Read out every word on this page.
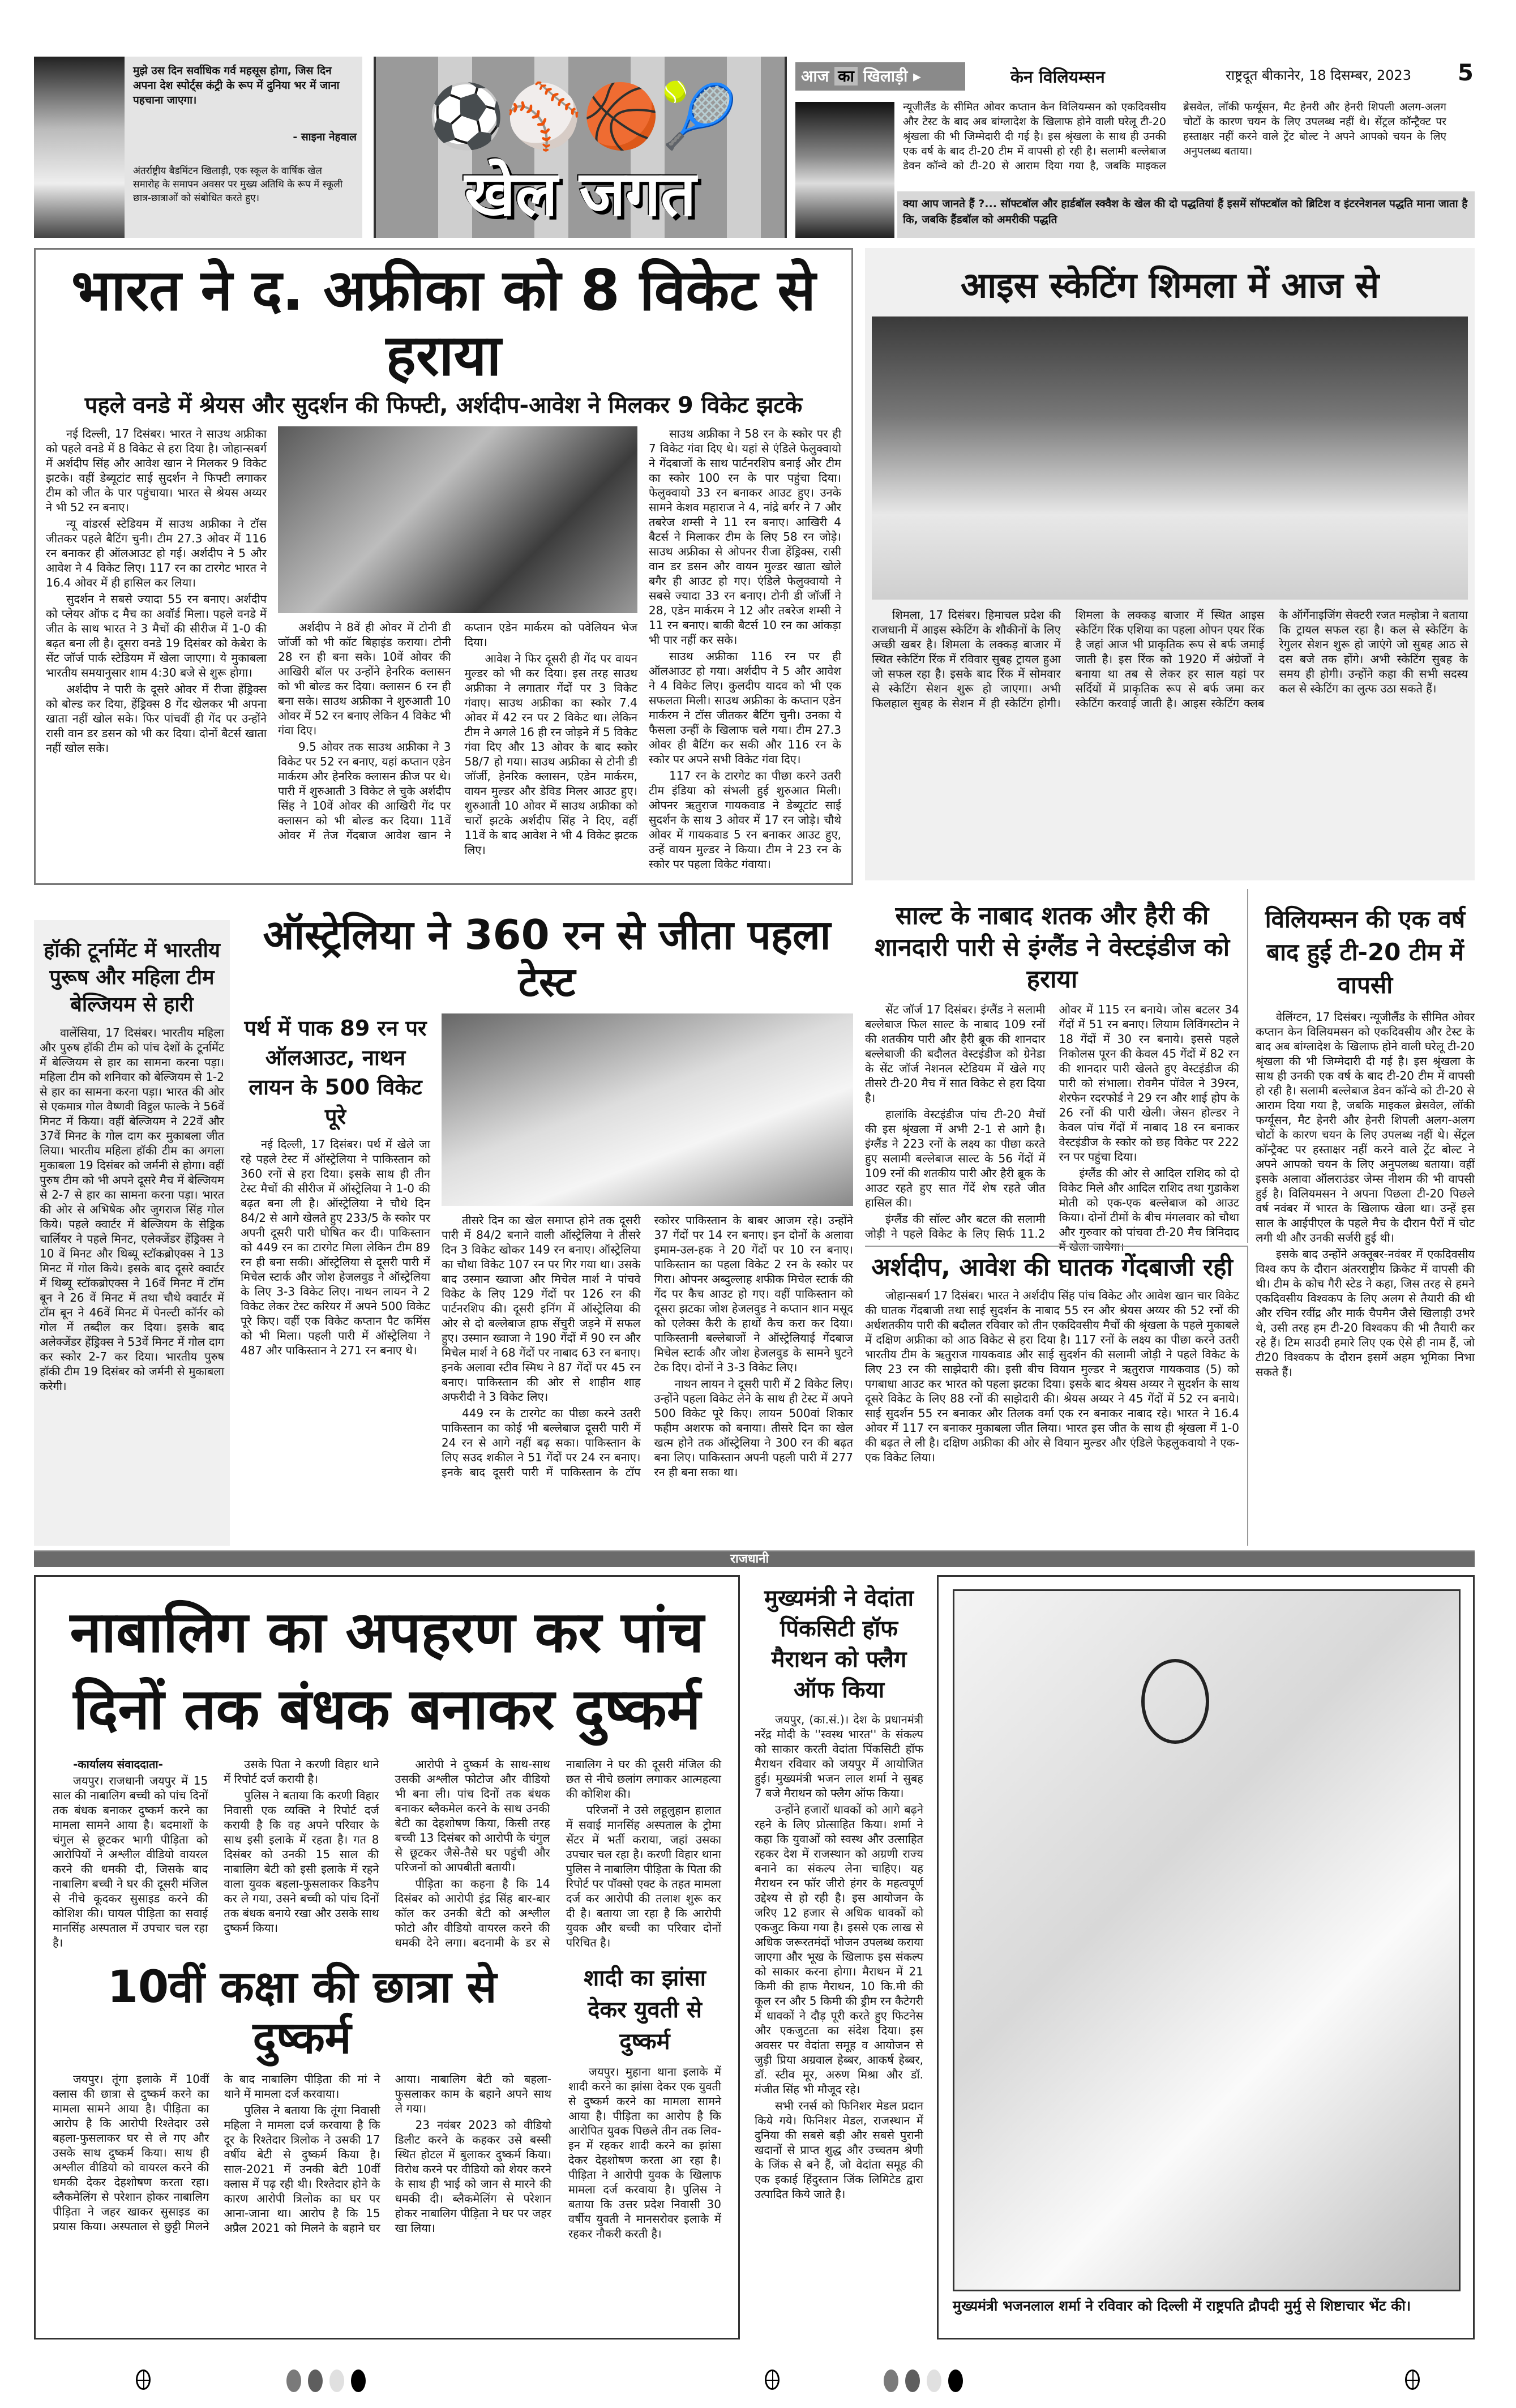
मुझे उस दिन सर्वाधिक गर्व महसूस होगा, जिस दिन अपना देश स्पोर्ट्स कंट्री के रूप में दुनिया भर में जाना पहचाना जाएगा।
- साइना नेहवाल
अंतर्राष्ट्रीय बैडमिंटन खिलाड़ी, एक स्कूल के वार्षिक खेल समारोह के समापन अवसर पर मुख्य अतिथि के रूप में स्कूली छात्र-छात्राओं को संबोधित करते हुए।
⚽⚾🏀🎾
खेल जगत
आज का खिलाड़ी ▸	केन विलियम्सन	राष्ट्रदूत बीकानेर, 18 दिसम्बर, 2023 5
न्यूजीलैंड के सीमित ओवर कप्तान केन विलियम्सन को एकदिवसीय और टेस्ट के बाद अब बांग्लादेश के खिलाफ होने वाली घरेलू टी-20 श्रृंखला की भी जिम्मेदारी दी गई है। इस श्रृंखला के साथ ही उनकी एक वर्ष के बाद टी-20 टीम में वापसी हो रही है। सलामी बल्लेबाज डेवन कॉन्वे को टी-20 से आराम दिया गया है, जबकि माइकल ब्रेसवेल, लॉकी फर्ग्यूसन, मैट हेनरी और हेनरी शिपली अलग-अलग चोटों के कारण चयन के लिए उपलब्ध नहीं थे। सेंट्रल कॉन्ट्रैक्ट पर हस्ताक्षर नहीं करने वाले ट्रेंट बोल्ट ने अपने आपको चयन के लिए अनुपलब्ध बताया।
क्या आप जानते हैं ?... सॉफ्टबॉल और हार्डबॉल स्क्वैश के खेल की दो पद्धतियां हैं इसमें सॉफ्टबॉल को ब्रिटिश व इंटरनेशनल पद्धति माना जाता है कि, जबकि हैंडबॉल को अमरीकी पद्धति
भारत ने द. अफ्रीका को 8 विकेट से हराया
पहले वनडे में श्रेयस और सुदर्शन की फिफ्टी, अर्शदीप-आवेश ने मिलकर 9 विकेट झटके

नई दिल्ली, 17 दिसंबर। भारत ने साउथ अफ्रीका को पहले वनडे में 8 विकेट से हरा दिया है। जोहान्सबर्ग में अर्शदीप सिंह और आवेश खान ने मिलकर 9 विकेट झटके। वहीं डेब्यूटांट साई सुदर्शन ने फिफ्टी लगाकर टीम को जीत के पार पहुंचाया। भारत से श्रेयस अय्यर ने भी 52 रन बनाए।

न्यू वांडरर्स स्टेडियम में साउथ अफ्रीका ने टॉस जीतकर पहले बैटिंग चुनी। टीम 27.3 ओवर में 116 रन बनाकर ही ऑलआउट हो गई। अर्शदीप ने 5 और आवेश ने 4 विकेट लिए। 117 रन का टारगेट भारत ने 16.4 ओवर में ही हासिल कर लिया।

सुदर्शन ने सबसे ज्यादा 55 रन बनाए। अर्शदीप को प्लेयर ऑफ द मैच का अवॉर्ड मिला। पहले वनडे में जीत के साथ भारत ने 3 मैचों की सीरीज में 1-0 की बढ़त बना ली है। दूसरा वनडे 19 दिसंबर को केबेरा के सेंट जॉर्ज पार्क स्टेडियम में खेला जाएगा। ये मुकाबला भारतीय समयानुसार शाम 4:30 बजे से शुरू होगा।

अर्शदीप ने पारी के दूसरे ओवर में रीजा हेंड्रिक्स को बोल्ड कर दिया, हेंड्रिक्स 8 गेंद खेलकर भी अपना खाता नहीं खोल सके। फिर पांचवीं ही गेंद पर उन्होंने रासी वान डर डसन को भी कर दिया। दोनों बैटर्स खाता नहीं खोल सके।

अर्शदीप ने 8वें ही ओवर में टोनी डी जॉर्जी को भी कॉट बिहाइंड कराया। टोनी 28 रन ही बना सके। 10वें ओवर की आखिरी बॉल पर उन्होंने हेनरिक क्लासन को भी बोल्ड कर दिया। क्लासन 6 रन ही बना सके। साउथ अफ्रीका ने शुरुआती 10 ओवर में 52 रन बनाए लेकिन 4 विकेट भी गंवा दिए।

9.5 ओवर तक साउथ अफ्रीका ने 3 विकेट पर 52 रन बनाए, यहां कप्तान एडेन मार्करम और हेनरिक क्लासन क्रीज पर थे। पारी में शुरुआती 3 विकेट ले चुके अर्शदीप सिंह ने 10वें ओवर की आखिरी गेंद पर क्लासन को भी बोल्ड कर दिया। 11वें ओवर में तेज गेंदबाज आवेश खान ने कप्तान एडेन मार्करम को पवेलियन भेज दिया।

आवेश ने फिर दूसरी ही गेंद पर वायन मुल्डर को भी कर दिया। इस तरह साउथ अफ्रीका ने लगातार गेंदों पर 3 विकेट गंवाए। साउथ अफ्रीका का स्कोर 7.4 ओवर में 42 रन पर 2 विकेट था। लेकिन टीम ने अगले 16 ही रन जोड़ने में 5 विकेट गंवा दिए और 13 ओवर के बाद स्कोर 58/7 हो गया। साउथ अफ्रीका से टोनी डी जॉर्जी, हेनरिक क्लासन, एडेन मार्करम, वायन मुल्डर और डेविड मिलर आउट हुए। शुरुआती 10 ओवर में साउथ अफ्रीका को चारों झटके अर्शदीप सिंह ने दिए, वहीं 11वें के बाद आवेश ने भी 4 विकेट झटक लिए।

साउथ अफ्रीका ने 58 रन के स्कोर पर ही 7 विकेट गंवा दिए थे। यहां से एंडिले फेलुक्वायो ने गेंदबाजों के साथ पार्टनरशिप बनाई और टीम का स्कोर 100 रन के पार पहुंचा दिया। फेलुक्वायो 33 रन बनाकर आउट हुए। उनके सामने केशव महाराज ने 4, नांद्रे बर्गर ने 7 और तबरेज शम्सी ने 11 रन बनाए। आखिरी 4 बैटर्स ने मिलाकर टीम के लिए 58 रन जोड़े। साउथ अफ्रीका से ओपनर रीजा हेंड्रिक्स, रासी वान डर डसन और वायन मुल्डर खाता खोले बगैर ही आउट हो गए। एंडिले फेलुक्वायो ने सबसे ज्यादा 33 रन बनाए। टोनी डी जॉर्जी ने 28, एडेन मार्करम ने 12 और तबरेज शम्सी ने 11 रन बनाए। बाकी बैटर्स 10 रन का आंकड़ा भी पार नहीं कर सके।

साउथ अफ्रीका 116 रन पर ही ऑलआउट हो गया। अर्शदीप ने 5 और आवेश ने 4 विकेट लिए। कुलदीप यादव को भी एक सफलता मिली। साउथ अफ्रीका के कप्तान एडेन मार्करम ने टॉस जीतकर बैटिंग चुनी। उनका ये फैसला उन्हीं के खिलाफ चले गया। टीम 27.3 ओवर ही बैटिंग कर सकी और 116 रन के स्कोर पर अपने सभी विकेट गंवा दिए।

117 रन के टारगेट का पीछा करने उतरी टीम इंडिया को संभली हुई शुरुआत मिली। ओपनर ऋतुराज गायकवाड ने डेब्यूटांट साई सुदर्शन के साथ 3 ओवर में 17 रन जोड़े। चौथे ओवर में गायकवाड 5 रन बनाकर आउट हुए, उन्हें वायन मुल्डर ने किया। टीम ने 23 रन के स्कोर पर पहला विकेट गंवाया।

आइस स्केटिंग शिमला में आज से

शिमला, 17 दिसंबर। हिमाचल प्रदेश की राजधानी में आइस स्केटिंग के शौकीनों के लिए अच्छी खबर है। शिमला के लक्कड़ बाजार में स्थित स्केटिंग रिंक में रविवार सुबह ट्रायल हुआ जो सफल रहा है। इसके बाद रिंक में सोमवार से स्केटिंग सेशन शुरू हो जाएगा। अभी फिलहाल सुबह के सेशन में ही स्केटिंग होगी। शिमला के लक्कड़ बाजार में स्थित आइस स्केटिंग रिंक एशिया का पहला ओपन एयर रिंक है जहां आज भी प्राकृतिक रूप से बर्फ जमाई जाती है। इस रिंक को 1920 में अंग्रेजों ने बनाया था तब से लेकर हर साल यहां पर सर्दियों में प्राकृतिक रूप से बर्फ जमा कर स्केटिंग करवाई जाती है। आइस स्केटिंग क्लब के ऑर्गेनाइजिंग सेक्टरी रजत मल्होत्रा ने बताया कि ट्रायल सफल रहा है। कल से स्केटिंग के रेगुलर सेशन शुरू हो जाएंगे जो सुबह आठ से दस बजे तक होंगे। अभी स्केटिंग सुबह के समय ही होगी। उन्होंने कहा की सभी सदस्य कल से स्केटिंग का लुत्फ उठा सकते हैं।

हॉकी टूर्नामेंट में भारतीय पुरूष और महिला टीम बेल्जियम से हारी

वालेंसिया, 17 दिसंबर। भारतीय महिला और पुरुष हॉकी टीम को पांच देशों के टूर्नामेंट में बेल्जियम से हार का सामना करना पड़ा। महिला टीम को शनिवार को बेल्जियम से 1-2 से हार का सामना करना पड़ा। भारत की ओर से एकमात्र गोल वैष्णवी विट्ठल फाल्के ने 56वें मिनट में किया। वहीं बेल्जियम ने 22वें और 37वें मिनट के गोल दाग कर मुकाबला जीत लिया। भारतीय महिला हॉकी टीम का अगला मुकाबला 19 दिसंबर को जर्मनी से होगा। वहीं पुरुष टीम को भी अपने दूसरे मैच में बेल्जियम से 2-7 से हार का सामना करना पड़ा। भारत की ओर से अभिषेक और जुगराज सिंह गोल किये। पहले क्वार्टर में बेल्जियम के सेड्रिक चार्लियर ने पहले मिनट, एलेक्जेंडर हेंड्रिक्स ने 10 वें मिनट और थिब्यू स्टॉकब्रोएक्स ने 13 मिनट में गोल किये। इसके बाद दूसरे क्वार्टर में थिब्यू स्टॉकब्रोएक्स ने 16वें मिनट में टॉम बून ने 26 वें मिनट में तथा चौथे क्वार्टर में टॉम बून ने 46वें मिनट में पेनल्टी कॉर्नर को गोल में तब्दील कर दिया। इसके बाद अलेक्जेंडर हेंड्रिक्स ने 53वें मिनट में गोल दाग कर स्कोर 2-7 कर दिया। भारतीय पुरुष हॉकी टीम 19 दिसंबर को जर्मनी से मुकाबला करेगी।

ऑस्ट्रेलिया ने 360 रन से जीता पहला टेस्ट
पर्थ में पाक 89 रन पर ऑलआउट, नाथन लायन के 500 विकेट पूरे

नई दिल्ली, 17 दिसंबर। पर्थ में खेले जा रहे पहले टेस्ट में ऑस्ट्रेलिया ने पाकिस्तान को 360 रनों से हरा दिया। इसके साथ ही तीन टेस्ट मैचों की सीरीज में ऑस्ट्रेलिया ने 1-0 की बढ़त बना ली है। ऑस्ट्रेलिया ने चौथे दिन 84/2 से आगे खेलते हुए 233/5 के स्कोर पर अपनी दूसरी पारी घोषित कर दी। पाकिस्तान को 449 रन का टारगेट मिला लेकिन टीम 89 रन ही बना सकी। ऑस्ट्रेलिया से दूसरी पारी में मिचेल स्टार्क और जोश हेजलवुड ने ऑस्ट्रेलिया के लिए 3-3 विकेट लिए। नाथन लायन ने 2 विकेट लेकर टेस्ट करियर में अपने 500 विकेट पूरे किए। वहीं एक विकेट कप्तान पैट कमिंस को भी मिला। पहली पारी में ऑस्ट्रेलिया ने 487 और पाकिस्तान ने 271 रन बनाए थे।

तीसरे दिन का खेल समाप्त होने तक दूसरी पारी में 84/2 बनाने वाली ऑस्ट्रेलिया ने तीसरे दिन 3 विकेट खोकर 149 रन बनाए। ऑस्ट्रेलिया का चौथा विकेट 107 रन पर गिर गया था। उसके बाद उस्मान ख्वाजा और मिचेल मार्श ने पांचवे विकेट के लिए 129 गेंदों पर 126 रन की पार्टनरशिप की। दूसरी इनिंग में ऑस्ट्रेलिया की ओर से दो बल्लेबाज हाफ सेंचुरी जड़ने में सफल हुए। उस्मान ख्वाजा ने 190 गेंदों में 90 रन और मिचेल मार्श ने 68 गेंदों पर नाबाद 63 रन बनाए। इनके अलावा स्टीव स्मिथ ने 87 गेंदों पर 45 रन बनाए। पाकिस्तान की ओर से शाहीन शाह अफरीदी ने 3 विकेट लिए।

449 रन के टारगेट का पीछा करने उतरी पाकिस्तान का कोई भी बल्लेबाज दूसरी पारी में 24 रन से आगे नहीं बढ़ सका। पाकिस्तान के लिए सउद शकील ने 51 गेंदों पर 24 रन बनाए। इनके बाद दूसरी पारी में पाकिस्तान के टॉप स्कोरर पाकिस्तान के बाबर आजम रहे। उन्होंने 37 गेंदों पर 14 रन बनाए। इन दोनों के अलावा इमाम-उल-हक ने 20 गेंदों पर 10 रन बनाए। पाकिस्तान का पहला विकेट 2 रन के स्कोर पर गिरा। ओपनर अब्दुल्लाह शफीक मिचेल स्टार्क की गेंद पर कैच आउट हो गए। वहीं पाकिस्तान को दूसरा झटका जोश हेजलवुड ने कप्तान शान मसूद को एलेक्स कैरी के हाथों कैच करा कर दिया। पाकिस्तानी बल्लेबाजों ने ऑस्ट्रेलियाई गेंदबाज मिचेल स्टार्क और जोश हेजलवुड के सामने घुटने टेक दिए। दोनों ने 3-3 विकेट लिए।

नाथन लायन ने दूसरी पारी में 2 विकेट लिए। उन्होंने पहला विकेट लेने के साथ ही टेस्ट में अपने 500 विकेट पूरे किए। लायन 500वां शिकार फहीम अशरफ को बनाया। तीसरे दिन का खेल खत्म होने तक ऑस्ट्रेलिया ने 300 रन की बढ़त बना लिए। पाकिस्तान अपनी पहली पारी में 277 रन ही बना सका था।

साल्ट के नाबाद शतक और हैरी की शानदारी पारी से इंग्लैंड ने वेस्टइंडीज को हराया

सेंट जॉर्ज 17 दिसंबर। इंग्लैंड ने सलामी बल्लेबाज फिल साल्ट के नाबाद 109 रनों की शतकीय पारी और हैरी ब्रूक की शानदार बल्लेबाजी की बदौलत वेस्टइंडीज को ग्रेनेडा के सेंट जॉर्ज नेशनल स्टेडियम में खेले गए तीसरे टी-20 मैच में सात विकेट से हरा दिया है।

हालांकि वेस्टइंडीज पांच टी-20 मैचों की इस श्रृंखला में अभी 2-1 से आगे है। इंग्लैंड ने 223 रनों के लक्ष्य का पीछा करते हुए सलामी बल्लेबाज साल्ट के 56 गेंदों में 109 रनों की शतकीय पारी और हैरी ब्रूक के आउट रहते हुए सात गेंदें शेष रहते जीत हासिल की।

इंग्लैंड की सॉल्ट और बटल की सलामी जोड़ी ने पहले विकेट के लिए सिर्फ 11.2 ओवर में 115 रन बनाये। जोस बटलर 34 गेंदों में 51 रन बनाए। लियाम लिविंगस्टोन ने 18 गेंदों में 30 रन बनाये। इससे पहले निकोलस पूरन की केवल 45 गेंदों में 82 रन की शानदार पारी खेलते हुए वेस्टइंडीज की पारी को संभाला। रोवमैन पॉवेल ने 39रन, शेरफेन रदरफोर्ड ने 29 रन और शाई होप के 26 रनों की पारी खेली। जेसन होल्डर ने केवल पांच गेंदों में नाबाद 18 रन बनाकर वेस्टइंडीज के स्कोर को छह विकेट पर 222 रन पर पहुंचा दिया।

इंग्लैंड की ओर से आदिल राशिद को दो विकेट मिले और आदिल राशिद तथा गुडाकेश मोती को एक-एक बल्लेबाज को आउट किया। दोनों टीमों के बीच मंगलवार को चौथा और गुरुवार को पांचवा टी-20 मैच त्रिनिदाद में खेला जायेगा।

अर्शदीप, आवेश की घातक गेंदबाजी रही

जोहान्सबर्ग 17 दिसंबर। भारत ने अर्शदीप सिंह पांच विकेट और आवेश खान चार विकेट की घातक गेंदबाजी तथा साई सुदर्शन के नाबाद 55 रन और श्रेयस अय्यर की 52 रनों की अर्धशतकीय पारी की बदौलत रविवार को तीन एकदिवसीय मैचों की श्रृंखला के पहले मुकाबले में दक्षिण अफ्रीका को आठ विकेट से हरा दिया है। 117 रनों के लक्ष्य का पीछा करने उतरी भारतीय टीम के ऋतुराज गायकवाड और साई सुदर्शन की सलामी जोड़ी ने पहले विकेट के लिए 23 रन की साझेदारी की। इसी बीच वियान मुल्डर ने ऋतुराज गायकवाड (5) को पगबाधा आउट कर भारत को पहला झटका दिया। इसके बाद श्रेयस अय्यर ने सुदर्शन के साथ दूसरे विकेट के लिए 88 रनों की साझेदारी की। श्रेयस अय्यर ने 45 गेंदों में 52 रन बनाये। साई सुदर्शन 55 रन बनाकर और तिलक वर्मा एक रन बनाकर नाबाद रहे। भारत ने 16.4 ओवर में 117 रन बनाकर मुकाबला जीत लिया। भारत इस जीत के साथ ही श्रृंखला में 1-0 की बढ़त ले ली है। दक्षिण अफ्रीका की ओर से वियान मुल्डर और एंडिले फेहलुकवायो ने एक-एक विकेट लिया।

विलियम्सन की एक वर्ष बाद हुई टी-20 टीम में वापसी

वेलिंग्टन, 17 दिसंबर। न्यूजीलैंड के सीमित ओवर कप्तान केन विलियमसन को एकदिवसीय और टेस्ट के बाद अब बांग्लादेश के खिलाफ होने वाली घरेलू टी-20 श्रृंखला की भी जिम्मेदारी दी गई है। इस श्रृंखला के साथ ही उनकी एक वर्ष के बाद टी-20 टीम में वापसी हो रही है। सलामी बल्लेबाज डेवन कॉन्वे को टी-20 से आराम दिया गया है, जबकि माइकल ब्रेसवेल, लॉकी फर्ग्यूसन, मैट हेनरी और हेनरी शिपली अलग-अलग चोटों के कारण चयन के लिए उपलब्ध नहीं थे। सेंट्रल कॉन्ट्रैक्ट पर हस्ताक्षर नहीं करने वाले ट्रेंट बोल्ट ने अपने आपको चयन के लिए अनुपलब्ध बताया। वहीं इसके अलावा ऑलराउंडर जेम्स नीशम की भी वापसी हुई है। विलियमसन ने अपना पिछला टी-20 पिछले वर्ष नवंबर में भारत के खिलाफ खेला था। उन्हें इस साल के आईपीएल के पहले मैच के दौरान पैरों में चोट लगी थी और उनकी सर्जरी हुई थी।

इसके बाद उन्होंने अक्तूबर-नवंबर में एकदिवसीय विश्व कप के दौरान अंतरराष्ट्रीय क्रिकेट में वापसी की थी। टीम के कोच गैरी स्टेड ने कहा, जिस तरह से हमने एकदिवसीय विश्वकप के लिए अलग से तैयारी की थी और रचिन रवींद्र और मार्क चैपमैन जैसे खिलाड़ी उभरे थे, उसी तरह हम टी-20 विश्वकप की भी तैयारी कर रहे हैं। टिम साउदी हमारे लिए एक ऐसे ही नाम हैं, जो टी20 विश्वकप के दौरान इसमें अहम भूमिका निभा सकते हैं।

राजधानी
नाबालिग का अपहरण कर पांच दिनों तक बंधक बनाकर दुष्कर्म

-कार्यालय संवाददाता-

जयपुर। राजधानी जयपुर में 15 साल की नाबालिग बच्ची को पांच दिनों तक बंधक बनाकर दुष्कर्म करने का मामला सामने आया है। बदमाशों के चंगुल से छूटकर भागी पीड़िता को आरोपियों ने अश्लील वीडियो वायरल करने की धमकी दी, जिसके बाद नाबालिग बच्ची ने घर की दूसरी मंजिल से नीचे कूदकर सुसाइड करने की कोशिश की। घायल पीड़िता का सवाई मानसिंह अस्पताल में उपचार चल रहा है।

उसके पिता ने करणी विहार थाने में रिपोर्ट दर्ज करायी है।

पुलिस ने बताया कि करणी विहार निवासी एक व्यक्ति ने रिपोर्ट दर्ज करायी है कि वह अपने परिवार के साथ इसी इलाके में रहता है। गत 8 दिसंबर को उनकी 15 साल की नाबालिग बेटी को इसी इलाके में रहने वाला युवक बहला-फुसलाकर किडनैप कर ले गया, उसने बच्ची को पांच दिनों तक बंधक बनाये रखा और उसके साथ दुष्कर्म किया।

आरोपी ने दुष्कर्म के साथ-साथ उसकी अश्लील फोटोज और वीडियो भी बना ली। पांच दिनों तक बंधक बनाकर ब्लैकमेल करने के साथ उनकी बेटी का देहशोषण किया, किसी तरह बच्ची 13 दिसंबर को आरोपी के चंगुल से छूटकर जैसे-तैसे घर पहुंची और परिजनों को आपबीती बतायी।

पीड़िता का कहना है कि 14 दिसंबर को आरोपी इंद्र सिंह बार-बार कॉल कर उनकी बेटी को अश्लील फोटो और वीडियो वायरल करने की धमकी देने लगा। बदनामी के डर से नाबालिग ने घर की दूसरी मंजिल की छत से नीचे छलांग लगाकर आत्महत्या की कोशिश की।

परिजनों ने उसे लहूलुहान हालात में सवाई मानसिंह अस्पताल के ट्रोमा सेंटर में भर्ती कराया, जहां उसका उपचार चल रहा है। करणी विहार थाना पुलिस ने नाबालिग पीड़िता के पिता की रिपोर्ट पर पॉक्सो एक्ट के तहत मामला दर्ज कर आरोपी की तलाश शुरू कर दी है। बताया जा रहा है कि आरोपी युवक और बच्ची का परिवार दोनों परिचित है।

10वीं कक्षा की छात्रा से दुष्कर्म

जयपुर। तूंगा इलाके में 10वीं क्लास की छात्रा से दुष्कर्म करने का मामला सामने आया है। पीड़िता का आरोप है कि आरोपी रिश्तेदार उसे बहला-फुसलाकर घर से ले गए और उसके साथ दुष्कर्म किया। साथ ही अश्लील वीडियो को वायरल करने की धमकी देकर देहशोषण करता रहा। ब्लैकमेलिंग से परेशान होकर नाबालिग पीड़िता ने जहर खाकर सुसाइड का प्रयास किया। अस्पताल से छुट्टी मिलने के बाद नाबालिग पीड़िता की मां ने थाने में मामला दर्ज करवाया।

पुलिस ने बताया कि तूंगा निवासी महिला ने मामला दर्ज करवाया है कि दूर के रिश्तेदार त्रिलोक ने उसकी 17 वर्षीय बेटी से दुष्कर्म किया है। साल-2021 में उनकी बेटी 10वीं क्लास में पढ़ रही थी। रिश्तेदार होने के कारण आरोपी त्रिलोक का घर पर आना-जाना था। आरोप है कि 15 अप्रैल 2021 को मिलने के बहाने घर आया। नाबालिग बेटी को बहला-फुसलाकर काम के बहाने अपने साथ ले गया।

23 नवंबर 2023 को वीडियो डिलीट करने के कहकर उसे बस्सी स्थित होटल में बुलाकर दुष्कर्म किया। विरोध करने पर वीडियो को शेयर करने के साथ ही भाई को जान से मारने की धमकी दी। ब्लैकमेलिंग से परेशान होकर नाबालिग पीड़िता ने घर पर जहर खा लिया।

शादी का झांसा देकर युवती से दुष्कर्म

जयपुर। मुहाना थाना इलाके में शादी करने का झांसा देकर एक युवती से दुष्कर्म करने का मामला सामने आया है। पीड़िता का आरोप है कि आरोपित युवक पिछले तीन तक लिव-इन में रहकर शादी करने का झांसा देकर देहशोषण करता आ रहा है। पीड़िता ने आरोपी युवक के खिलाफ मामला दर्ज करवाया है। पुलिस ने बताया कि उत्तर प्रदेश निवासी 30 वर्षीय युवती ने मानसरोवर इलाके में रहकर नौकरी करती है।

मुख्यमंत्री ने वेदांता पिंकसिटी हॉफ मैराथन को फ्लैग ऑफ किया

जयपुर, (का.सं.)। देश के प्रधानमंत्री नरेंद्र मोदी के ''स्वस्थ भारत'' के संकल्प को साकार करती वेदांता पिंकसिटी हॉफ मैराथन रविवार को जयपुर में आयोजित हुई। मुख्यमंत्री भजन लाल शर्मा ने सुबह 7 बजे मैराथन को फ्लैग ऑफ किया।

उन्होंने हजारों धावकों को आगे बढ़ने रहने के लिए प्रोत्साहित किया। शर्मा ने कहा कि युवाओं को स्वस्थ और उत्साहित रहकर देश में राजस्थान को अग्रणी राज्य बनाने का संकल्प लेना चाहिए। यह मैराथन रन फॉर जीरो हंगर के महत्वपूर्ण उद्देश्य से हो रही है। इस आयोजन के जरिए 12 हजार से अधिक धावकों को एकजुट किया गया है। इससे एक लाख से अधिक जरूरतमंदों भोजन उपलब्ध कराया जाएगा और भूख के खिलाफ इस संकल्प को साकार करना होगा। मैराथन में 21 किमी की हाफ मैराथन, 10 कि.मी की कूल रन और 5 किमी की ड्रीम रन कैटेगरी में धावकों ने दौड़ पूरी करते हुए फिटनेस और एकजुटता का संदेश दिया। इस अवसर पर वेदांता समूह व आयोजन से जुड़ी प्रिया अग्रवाल हेब्बर, आकर्ष हेब्बर, डॉ. स्टीव मूर, अरुण मिश्रा और डॉ. मंजीत सिंह भी मौजूद रहे।

सभी रनर्स को फिनिशर मेडल प्रदान किये गये। फिनिशर मेडल, राजस्थान में दुनिया की सबसे बड़ी और सबसे पुरानी खदानों से प्राप्त शुद्ध और उच्चतम श्रेणी के जिंक से बने हैं, जो वेदांता समूह की एक इकाई हिंदुस्तान जिंक लिमिटेड द्वारा उत्पादित किये जाते है।

मुख्यमंत्री भजनलाल शर्मा ने रविवार को दिल्ली में राष्ट्रपति द्रौपदी मुर्मु से शिष्टाचार भेंट की।
